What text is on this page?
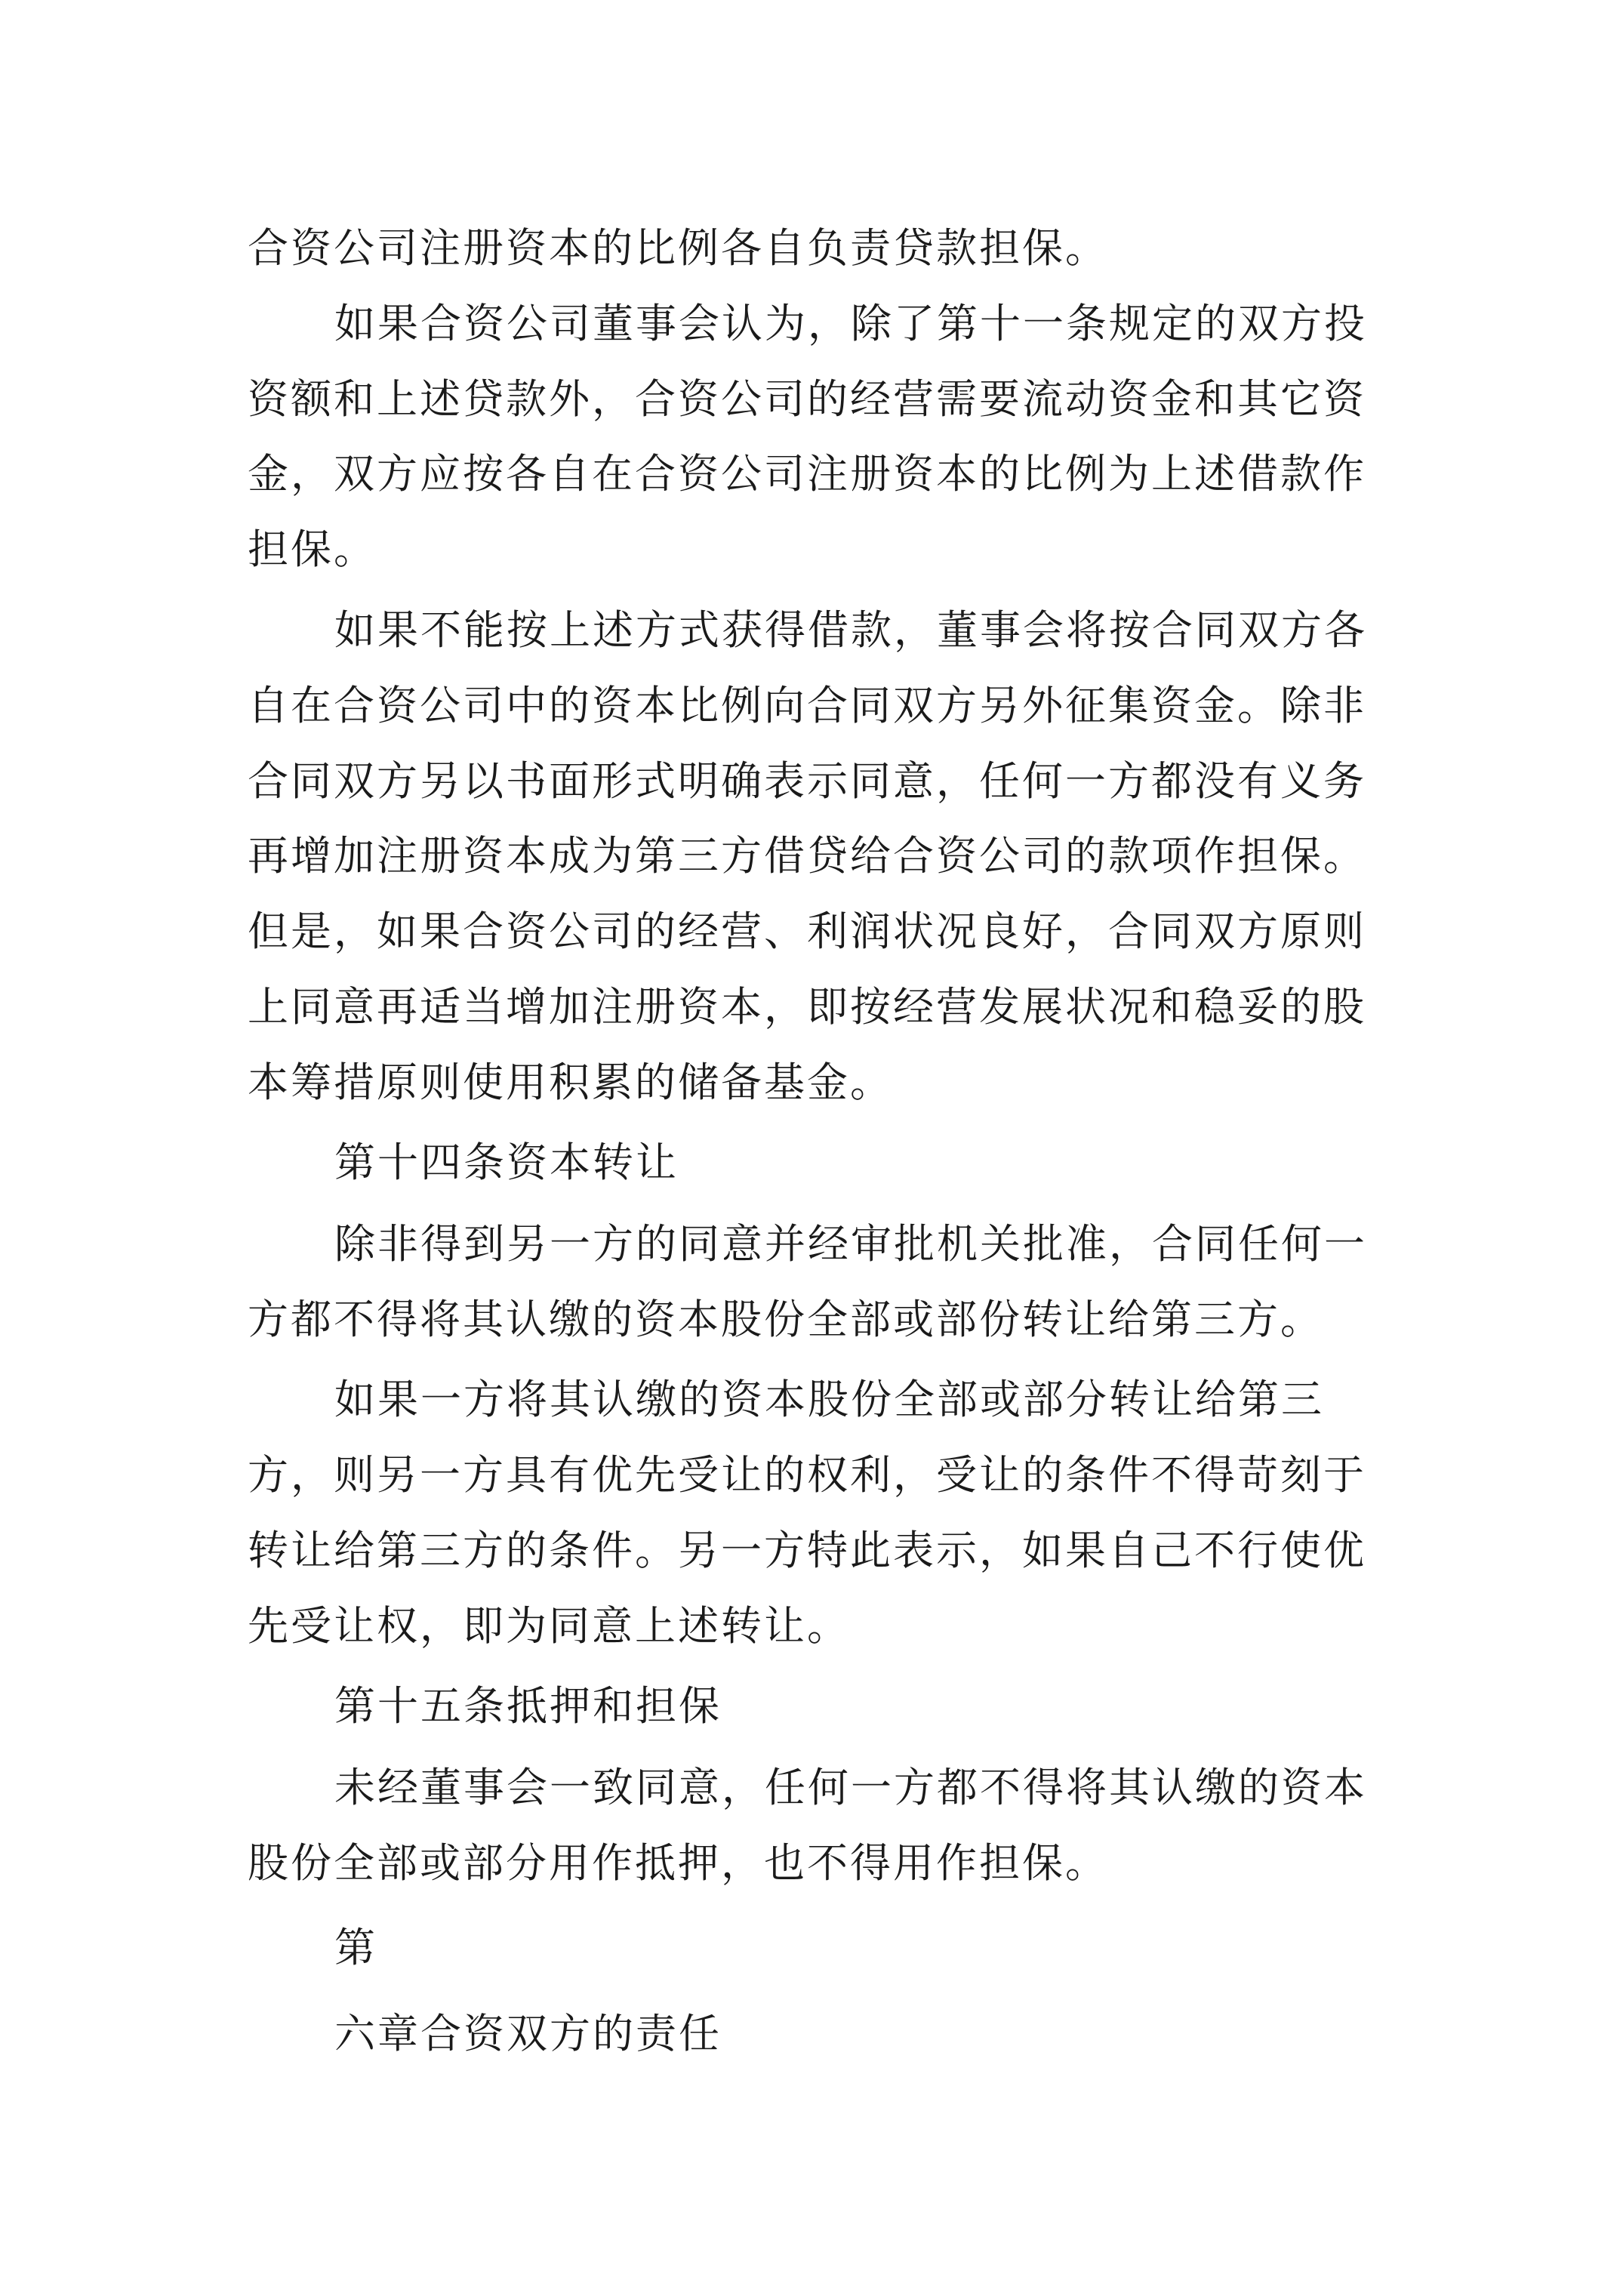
合资公司注册资本的比例各自负责贷款担保。
如果合资公司董事会认为，除了第十一条规定的双方投
资额和上述贷款外，合资公司的经营需要流动资金和其它资
金，双方应按各自在合资公司注册资本的比例为上述借款作
担保。
如果不能按上述方式获得借款，董事会将按合同双方各
自在合资公司中的资本比例向合同双方另外征集资金。除非
合同双方另以书面形式明确表示同意，任何一方都没有义务
再增加注册资本成为第三方借贷给合资公司的款项作担保。
但是，如果合资公司的经营、利润状况良好，合同双方原则
上同意再适当增加注册资本，即按经营发展状况和稳妥的股
本筹措原则使用积累的储备基金。
第十四条资本转让
除非得到另一方的同意并经审批机关批准，合同任何一
方都不得将其认缴的资本股份全部或部份转让给第三方。
如果一方将其认缴的资本股份全部或部分转让给第三
方，则另一方具有优先受让的权利，受让的条件不得苛刻于
转让给第三方的条件。另一方特此表示，如果自己不行使优
先受让权，即为同意上述转让。
第十五条抵押和担保
未经董事会一致同意，任何一方都不得将其认缴的资本
股份全部或部分用作抵押，也不得用作担保。
第
六章合资双方的责任
